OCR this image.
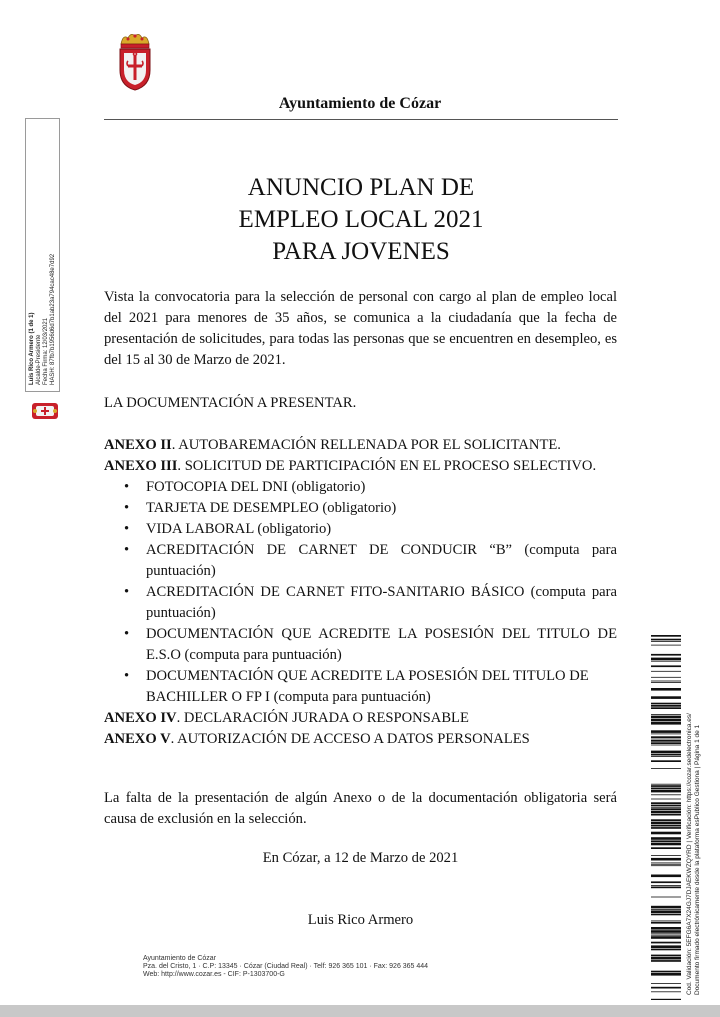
Ayuntamiento de Cózar
ANUNCIO PLAN DE
EMPLEO LOCAL 2021
PARA JOVENES
Vista la convocatoria para la selección de personal con cargo al plan de empleo local del 2021 para menores de 35 años, se comunica a la ciudadanía que la fecha de presentación de solicitudes, para todas las personas que se encuentren en desempleo, es del 15 al 30 de Marzo de 2021.
LA DOCUMENTACIÓN A PRESENTAR.
ANEXO II. AUTOBAREMACIÓN RELLENADA POR EL SOLICITANTE.
ANEXO III. SOLICITUD DE PARTICIPACIÓN EN EL PROCESO SELECTIVO.
• FOTOCOPIA DEL DNI (obligatorio)
• TARJETA DE DESEMPLEO (obligatorio)
• VIDA LABORAL (obligatorio)
• ACREDITACIÓN DE CARNET DE CONDUCIR “B” (computa para
puntuación)
• ACREDITACIÓN DE CARNET FITO-SANITARIO BÁSICO (computa para
puntuación)
• DOCUMENTACIÓN QUE ACREDITE LA POSESIÓN DEL TITULO DE
E.S.O (computa para puntuación)
• DOCUMENTACIÓN QUE ACREDITE LA POSESIÓN DEL TITULO DE
BACHILLER O FP I (computa para puntuación)
ANEXO IV. DECLARACIÓN JURADA O RESPONSABLE
ANEXO V. AUTORIZACIÓN DE ACCESO A DATOS PERSONALES
La falta de la presentación de algún Anexo o de la documentación obligatoria será causa de exclusión en la selección.
En Cózar, a 12 de Marzo de 2021
Luis Rico Armero
Luis Rico Armero (1 de 1) Alcalde-Presidente Fecha Firma: 12/03/2021 HASH: 87fb7b1956d6d7b1ab23a794cac48e7d92
Cod. Validación: 5EFG6A7X24GJ7DJAEKWZQYRD | Verificación: https://cozar.sedelectronica.es/ Documento firmado electrónicamente desde la plataforma esPublico Gestiona | Página 1 de 1
Ayuntamiento de Cózar
Pza. del Cristo, 1 · C.P: 13345 · Cózar (Ciudad Real) · Telf: 926 365 101 · Fax: 926 365 444
Web: http://www.cozar.es - CIF: P-1303700-G
